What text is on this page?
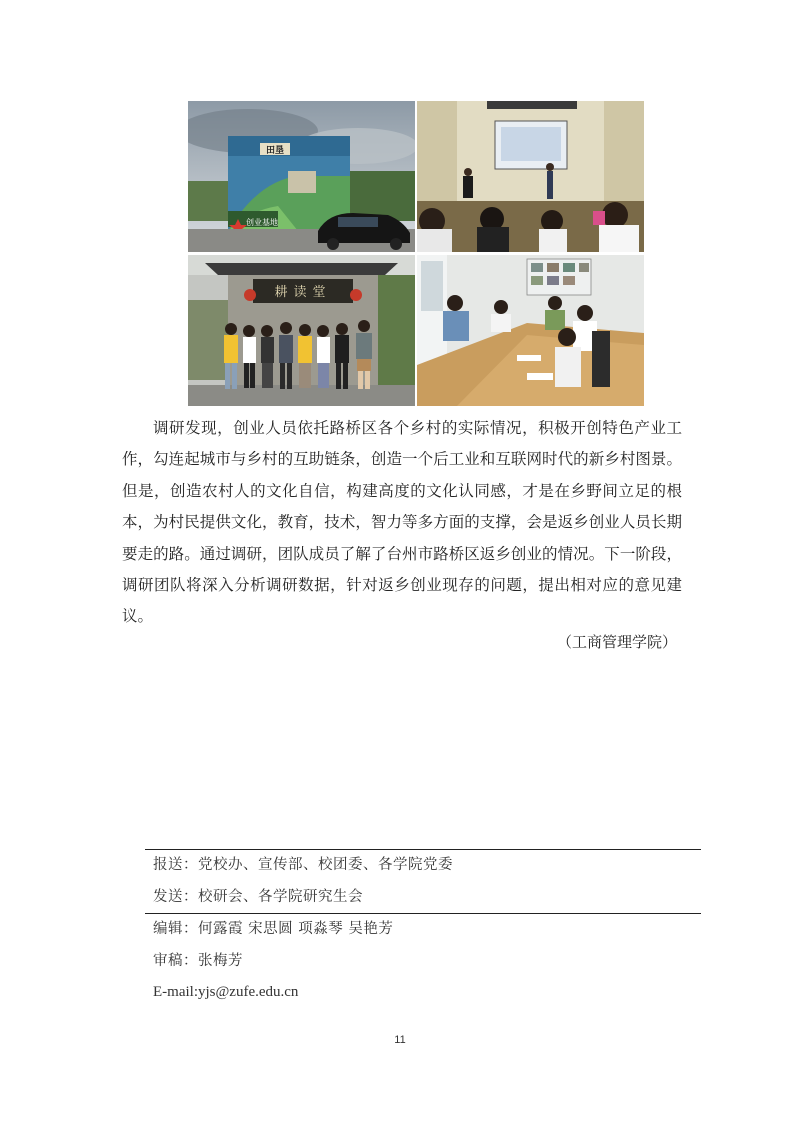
田垦
创业基地
耕读堂

调研发现，创业人员依托路桥区各个乡村的实际情况，积极开创特色产业工作，勾连起城市与乡村的互助链条，创造一个后工业和互联网时代的新乡村图景。但是，创造农村人的文化自信，构建高度的文化认同感，才是在乡野间立足的根本，为村民提供文化，教育，技术，智力等多方面的支撑，会是返乡创业人员长期要走的路。通过调研，团队成员了解了台州市路桥区返乡创业的情况。下一阶段，调研团队将深入分析调研数据，针对返乡创业现存的问题，提出相对应的意见建议。

（工商管理学院）
报送 ： 党校办、宣传部、校团委、各学院党委
发送 ： 校研会、各学院研究生会
编辑 ： 何露霞 宋思圆 项淼琴 吴艳芳
审稿 ： 张梅芳
E-mail:yjs@zufe.edu.cn
11
